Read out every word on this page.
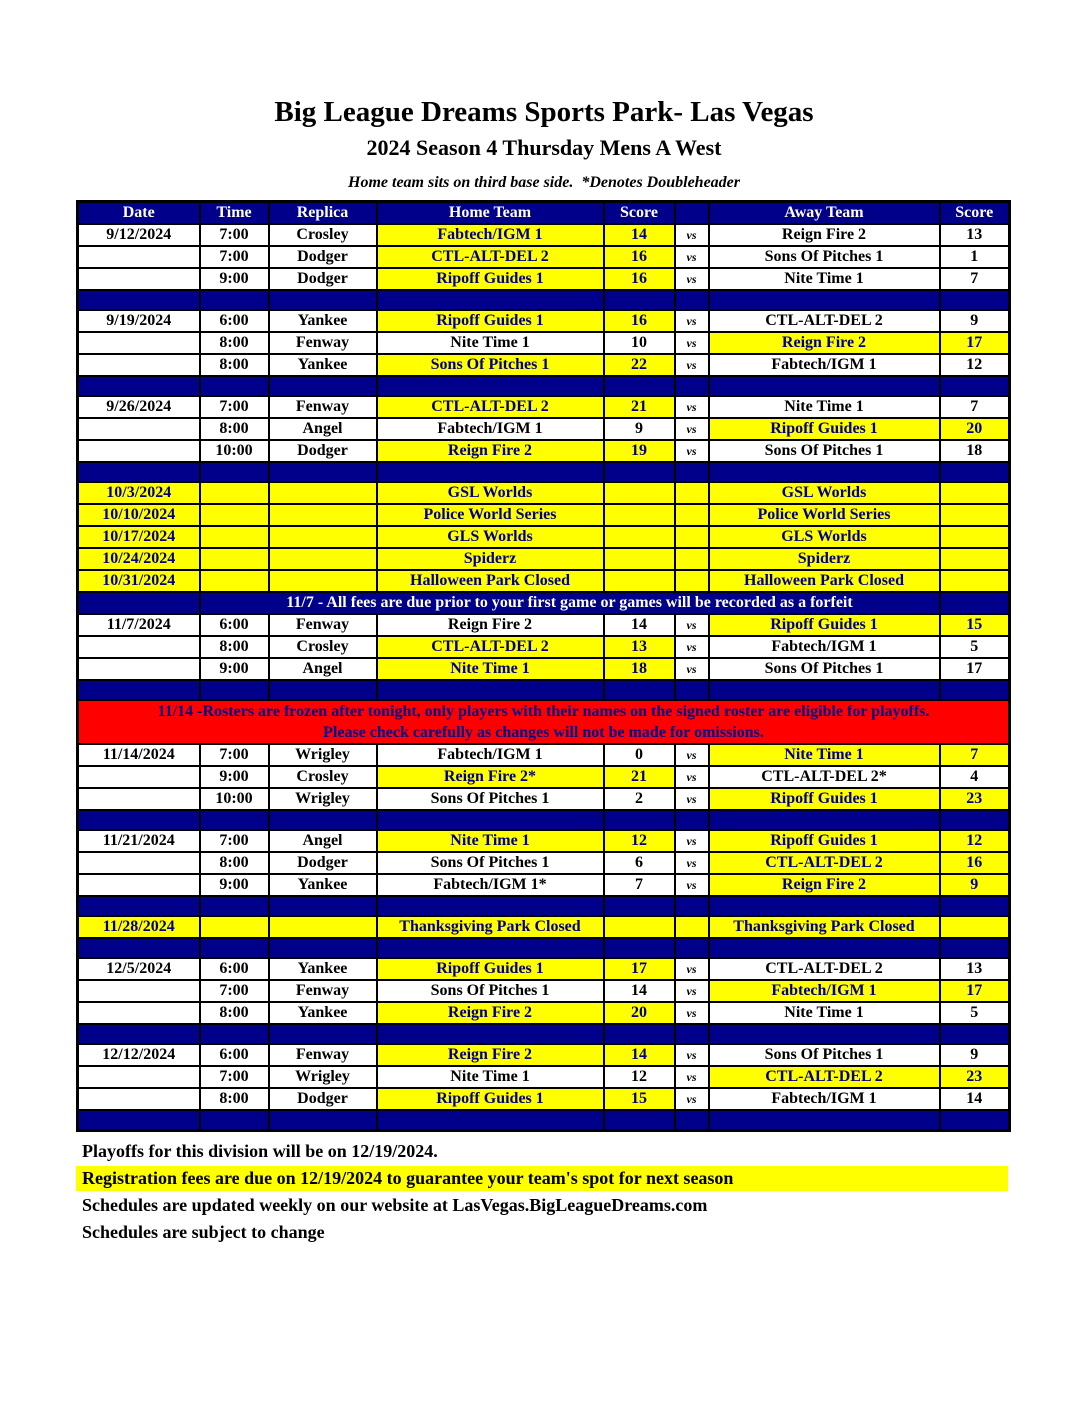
Big League Dreams Sports Park- Las Vegas
2024 Season 4 Thursday Mens A West
Home team sits on third base side.  *Denotes Doubleheader
Date	Time	Replica	Home Team	Score		Away Team	Score
9/12/2024	7:00	Crosley	Fabtech/IGM 1	14	vs	Reign Fire 2	13
	7:00	Dodger	CTL-ALT-DEL 2	16	vs	Sons Of Pitches 1	1
	9:00	Dodger	Ripoff Guides 1	16	vs	Nite Time 1	7

9/19/2024	6:00	Yankee	Ripoff Guides 1	16	vs	CTL-ALT-DEL 2	9
	8:00	Fenway	Nite Time 1	10	vs	Reign Fire 2	17
	8:00	Yankee	Sons Of Pitches 1	22	vs	Fabtech/IGM 1	12

9/26/2024	7:00	Fenway	CTL-ALT-DEL 2	21	vs	Nite Time 1	7
	8:00	Angel	Fabtech/IGM 1	9	vs	Ripoff Guides 1	20
	10:00	Dodger	Reign Fire 2	19	vs	Sons Of Pitches 1	18

10/3/2024			GSL Worlds			GSL Worlds	
10/10/2024			Police World Series			Police World Series	
10/17/2024			GLS Worlds			GLS Worlds	
10/24/2024			Spiderz			Spiderz	
10/31/2024			Halloween Park Closed			Halloween Park Closed	
	11/7 - All fees are due prior to your first game or games will be recorded as a forfeit						
11/7/2024	6:00	Fenway	Reign Fire 2	14	vs	Ripoff Guides 1	15
	8:00	Crosley	CTL-ALT-DEL 2	13	vs	Fabtech/IGM 1	5
	9:00	Angel	Nite Time 1	18	vs	Sons Of Pitches 1	17

11/14 -Rosters are frozen after tonight, only players with their names on the signed roster are eligible for playoffs.
Please check carefully as changes will not be made for omissions.							

11/14/2024	7:00	Wrigley	Fabtech/IGM 1	0	vs	Nite Time 1	7
	9:00	Crosley	Reign Fire 2*	21	vs	CTL-ALT-DEL 2*	4
	10:00	Wrigley	Sons Of Pitches 1	2	vs	Ripoff Guides 1	23

11/21/2024	7:00	Angel	Nite Time 1	12	vs	Ripoff Guides 1	12
	8:00	Dodger	Sons Of Pitches 1	6	vs	CTL-ALT-DEL 2	16
	9:00	Yankee	Fabtech/IGM 1*	7	vs	Reign Fire 2	9

11/28/2024			Thanksgiving Park Closed			Thanksgiving Park Closed	

12/5/2024	6:00	Yankee	Ripoff Guides 1	17	vs	CTL-ALT-DEL 2	13
	7:00	Fenway	Sons Of Pitches 1	14	vs	Fabtech/IGM 1	17
	8:00	Yankee	Reign Fire 2	20	vs	Nite Time 1	5

12/12/2024	6:00	Fenway	Reign Fire 2	14	vs	Sons Of Pitches 1	9
	7:00	Wrigley	Nite Time 1	12	vs	CTL-ALT-DEL 2	23
	8:00	Dodger	Ripoff Guides 1	15	vs	Fabtech/IGM 1	14

Playoffs for this division will be on 12/19/2024.
Registration fees are due on 12/19/2024 to guarantee your team's spot for next season
Schedules are updated weekly on our website at LasVegas.BigLeagueDreams.com
Schedules are subject to change
